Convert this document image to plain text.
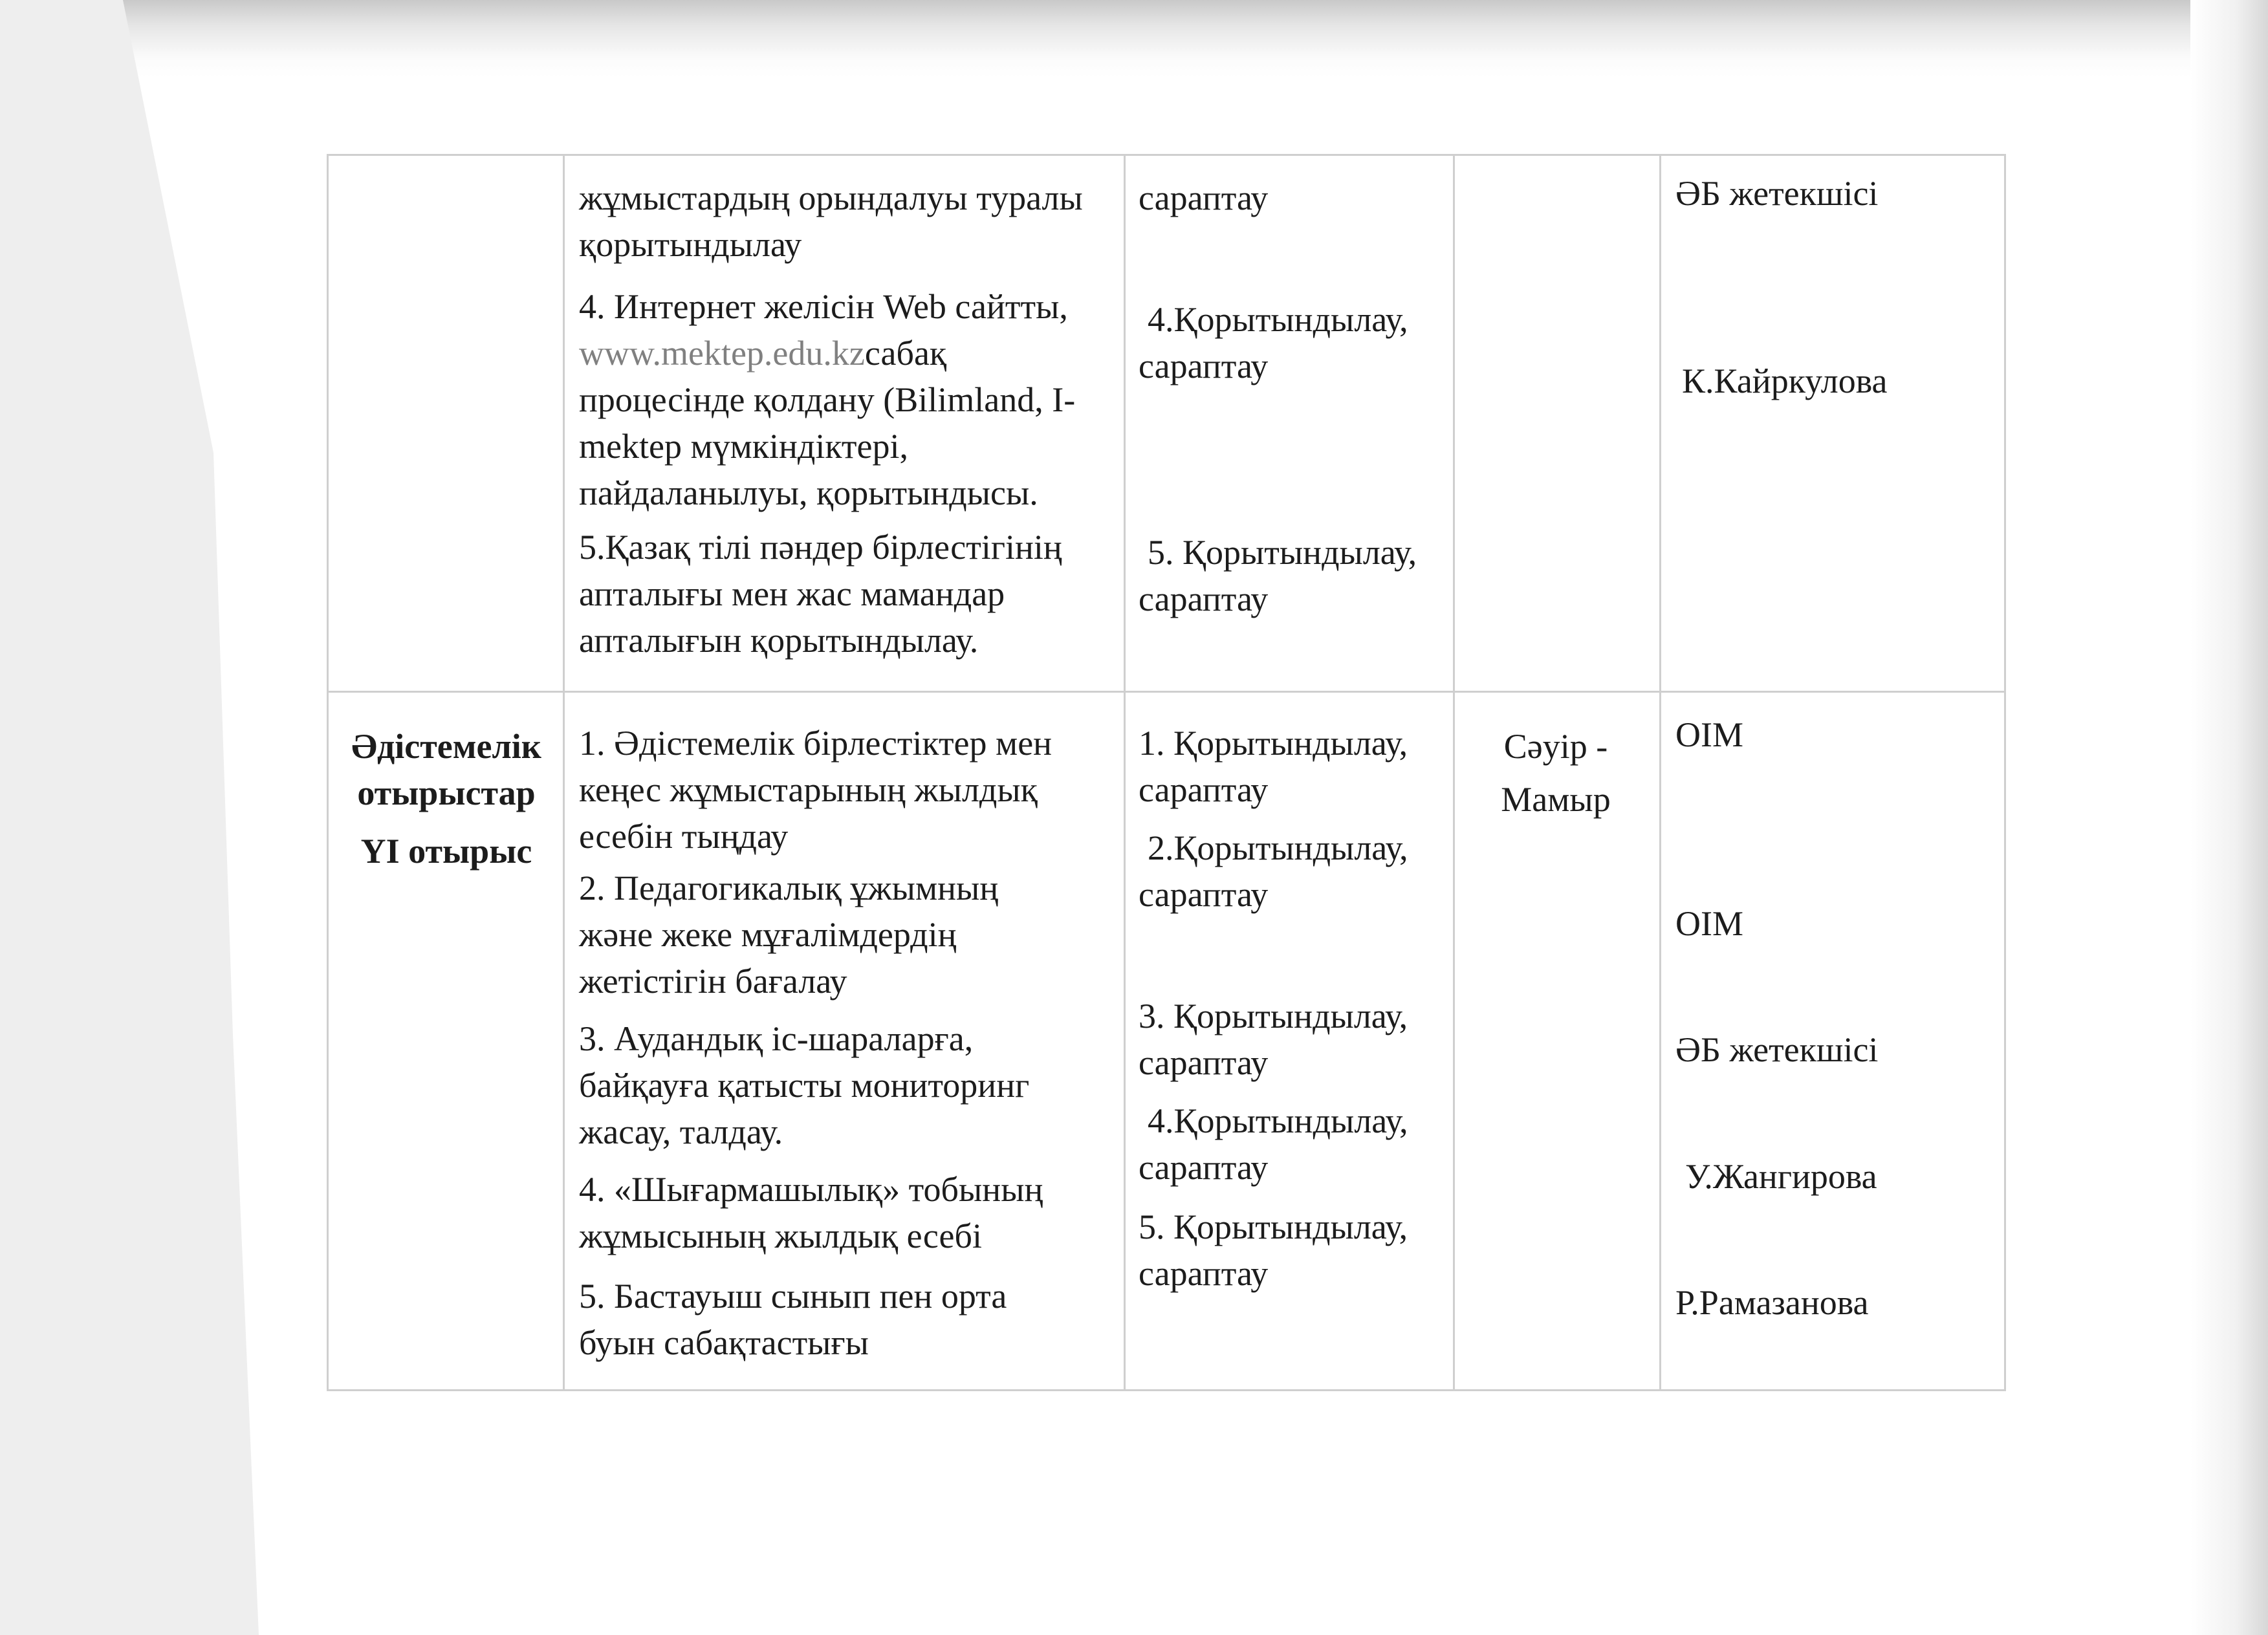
жұмыстардың орындалуы туралы қорытындылау
4. Интернет желісін Web сайтты, www.mektep.edu.kzсабақ процесінде қолдану (Bilimland, I-mektep мүмкіндіктері, пайдаланылуы, қорытындысы.
5.Қазақ тілі пәндер бірлестігінің апталығы мен жас мамандар апталығын қорытындылау.
сараптау
4.Қорытындылау, сараптау
5. Қорытындылау, сараптау
ӘБ жетекшісі
К.Кайркулова
Әдістемелік отырыстар
YI отырыс
1. Әдістемелік бірлестіктер мен кеңес жұмыстарының жылдық есебін тыңдау
2. Педагогикалық ұжымның және жеке мұғалімдердің жетістігін бағалау
3. Аудандық іс-шараларға, байқауға қатысты мониторинг жасау, талдау.
4. «Шығармашылық» тобының жұмысының жылдық есебі
5. Бастауыш сынып пен орта буын сабақтастығы
1. Қорытындылау, сараптау
2.Қорытындылау, сараптау
3. Қорытындылау, сараптау
4.Қорытындылау, сараптау
5. Қорытындылау, сараптау
Сәуір -
Мамыр
ОІМ
ОІМ
ӘБ жетекшісі
У.Жангирова
Р.Рамазанова
